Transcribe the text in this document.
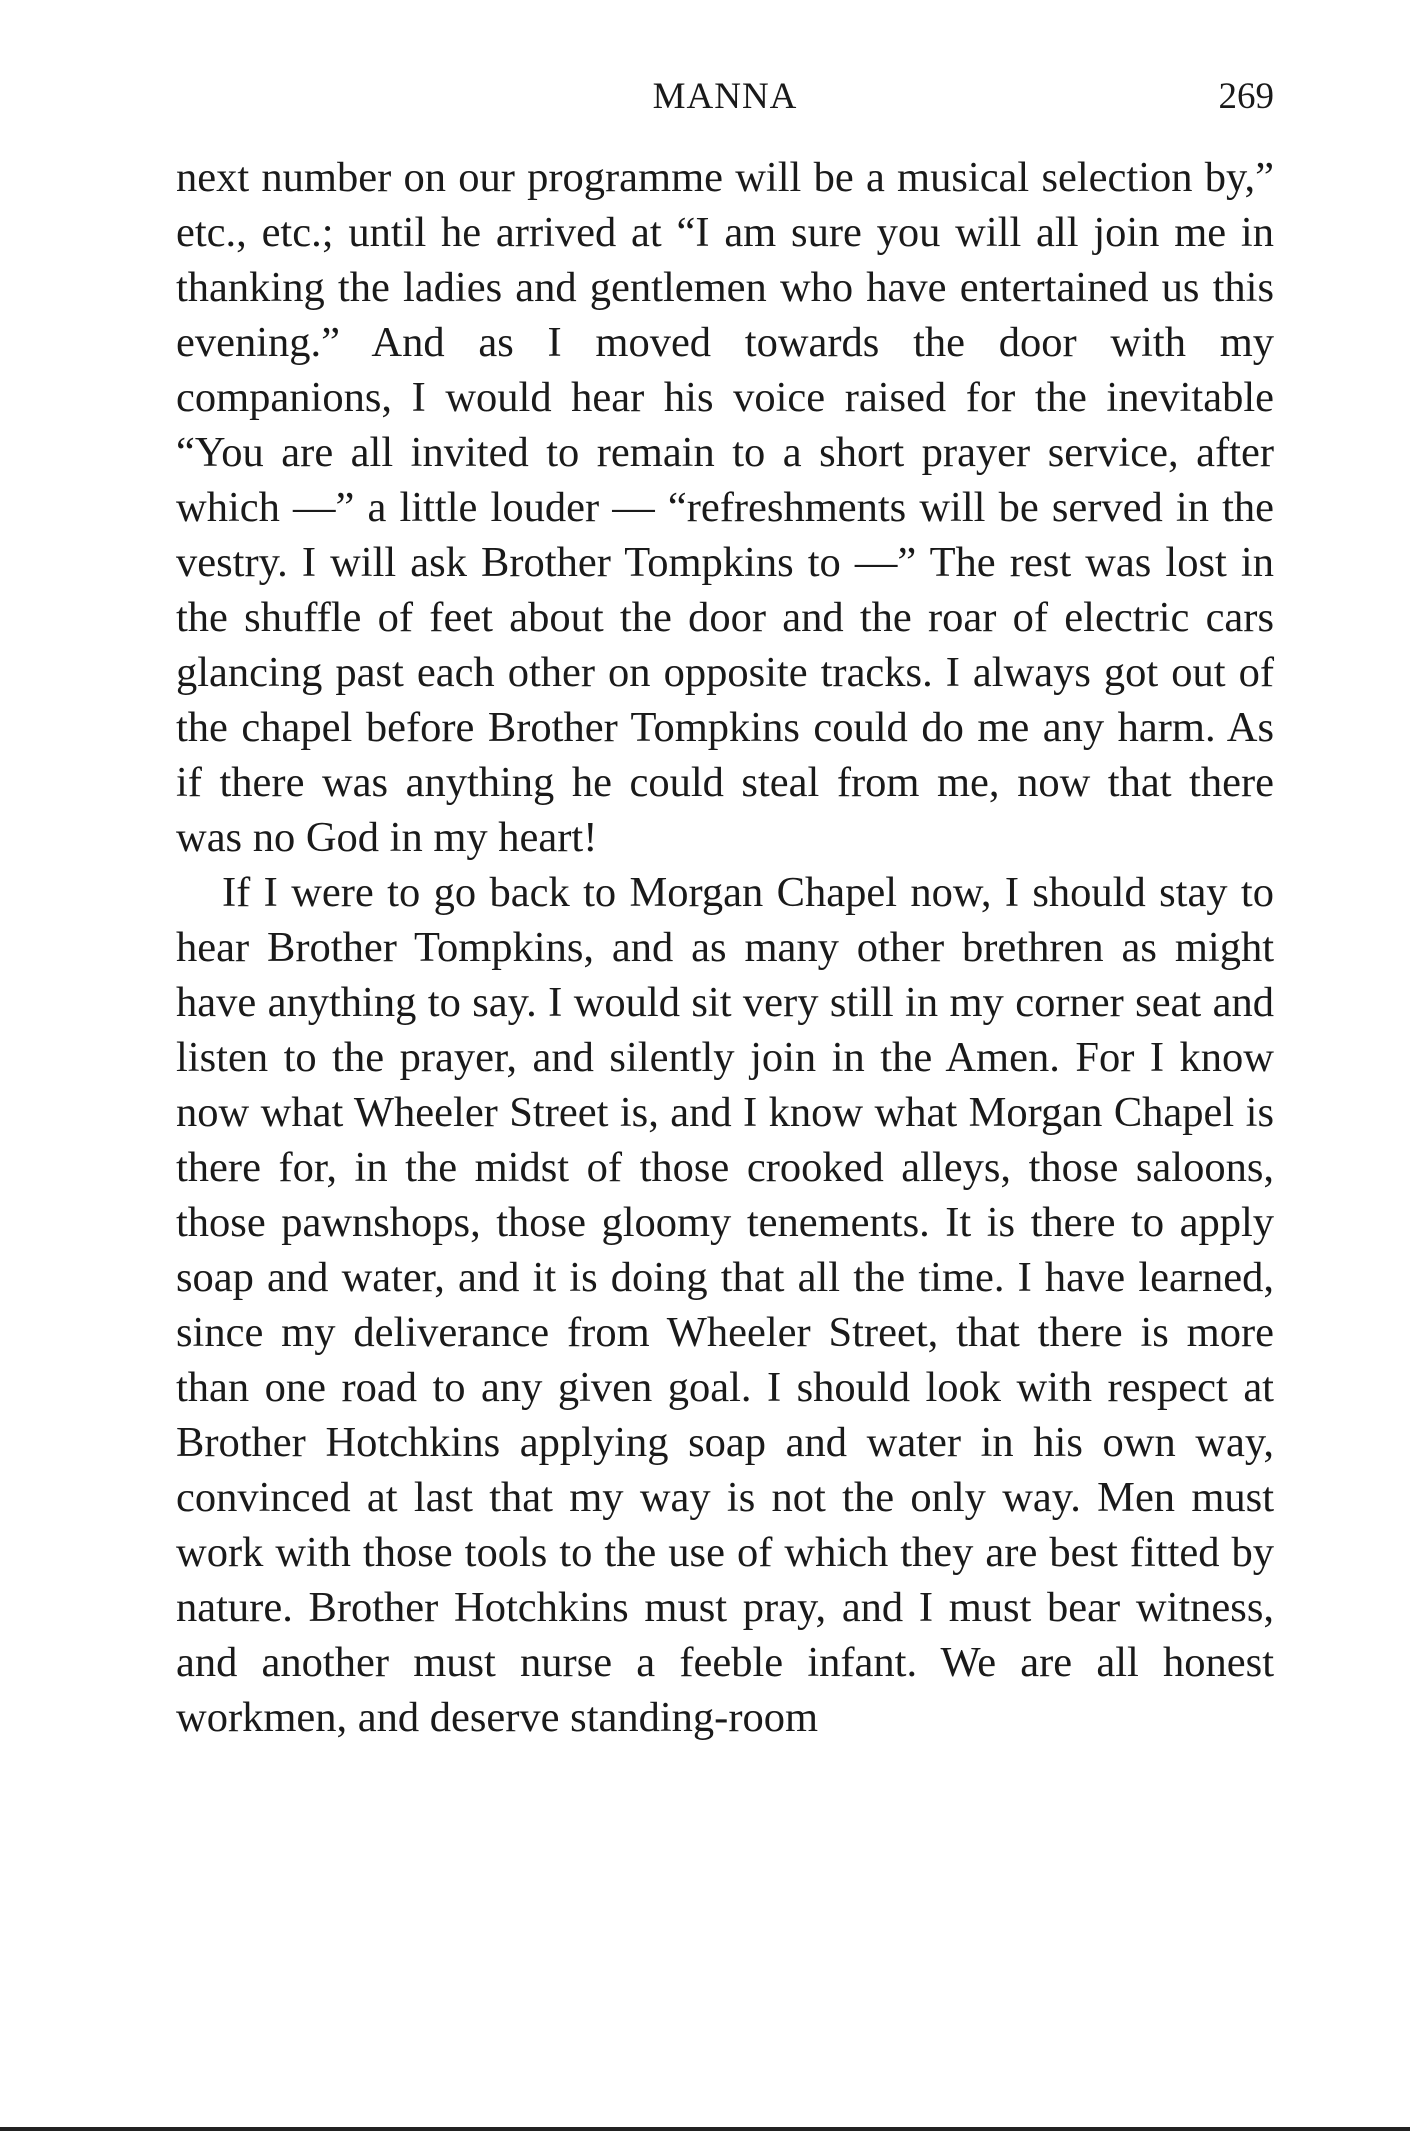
MANNA	269

next number on our programme will be a musical selection by,” etc., etc.; until he arrived at “I am sure you will all join me in thanking the ladies and gentlemen who have entertained us this evening.” And as I moved towards the door with my companions, I would hear his voice raised for the inevitable “You are all invited to remain to a short prayer service, after which —” a little louder — “refreshments will be served in the vestry. I will ask Brother Tompkins to —” The rest was lost in the shuffle of feet about the door and the roar of electric cars glancing past each other on opposite tracks. I always got out of the chapel before Brother Tompkins could do me any harm. As if there was anything he could steal from me, now that there was no God in my heart!

If I were to go back to Morgan Chapel now, I should stay to hear Brother Tompkins, and as many other brethren as might have anything to say. I would sit very still in my corner seat and listen to the prayer, and silently join in the Amen. For I know now what Wheeler Street is, and I know what Morgan Chapel is there for, in the midst of those crooked alleys, those saloons, those pawnshops, those gloomy tenements. It is there to apply soap and water, and it is doing that all the time. I have learned, since my deliverance from Wheeler Street, that there is more than one road to any given goal. I should look with respect at Brother Hotchkins applying soap and water in his own way, convinced at last that my way is not the only way. Men must work with those tools to the use of which they are best fitted by nature. Brother Hotchkins must pray, and I must bear witness, and another must nurse a feeble infant. We are all honest workmen, and deserve standing-room
